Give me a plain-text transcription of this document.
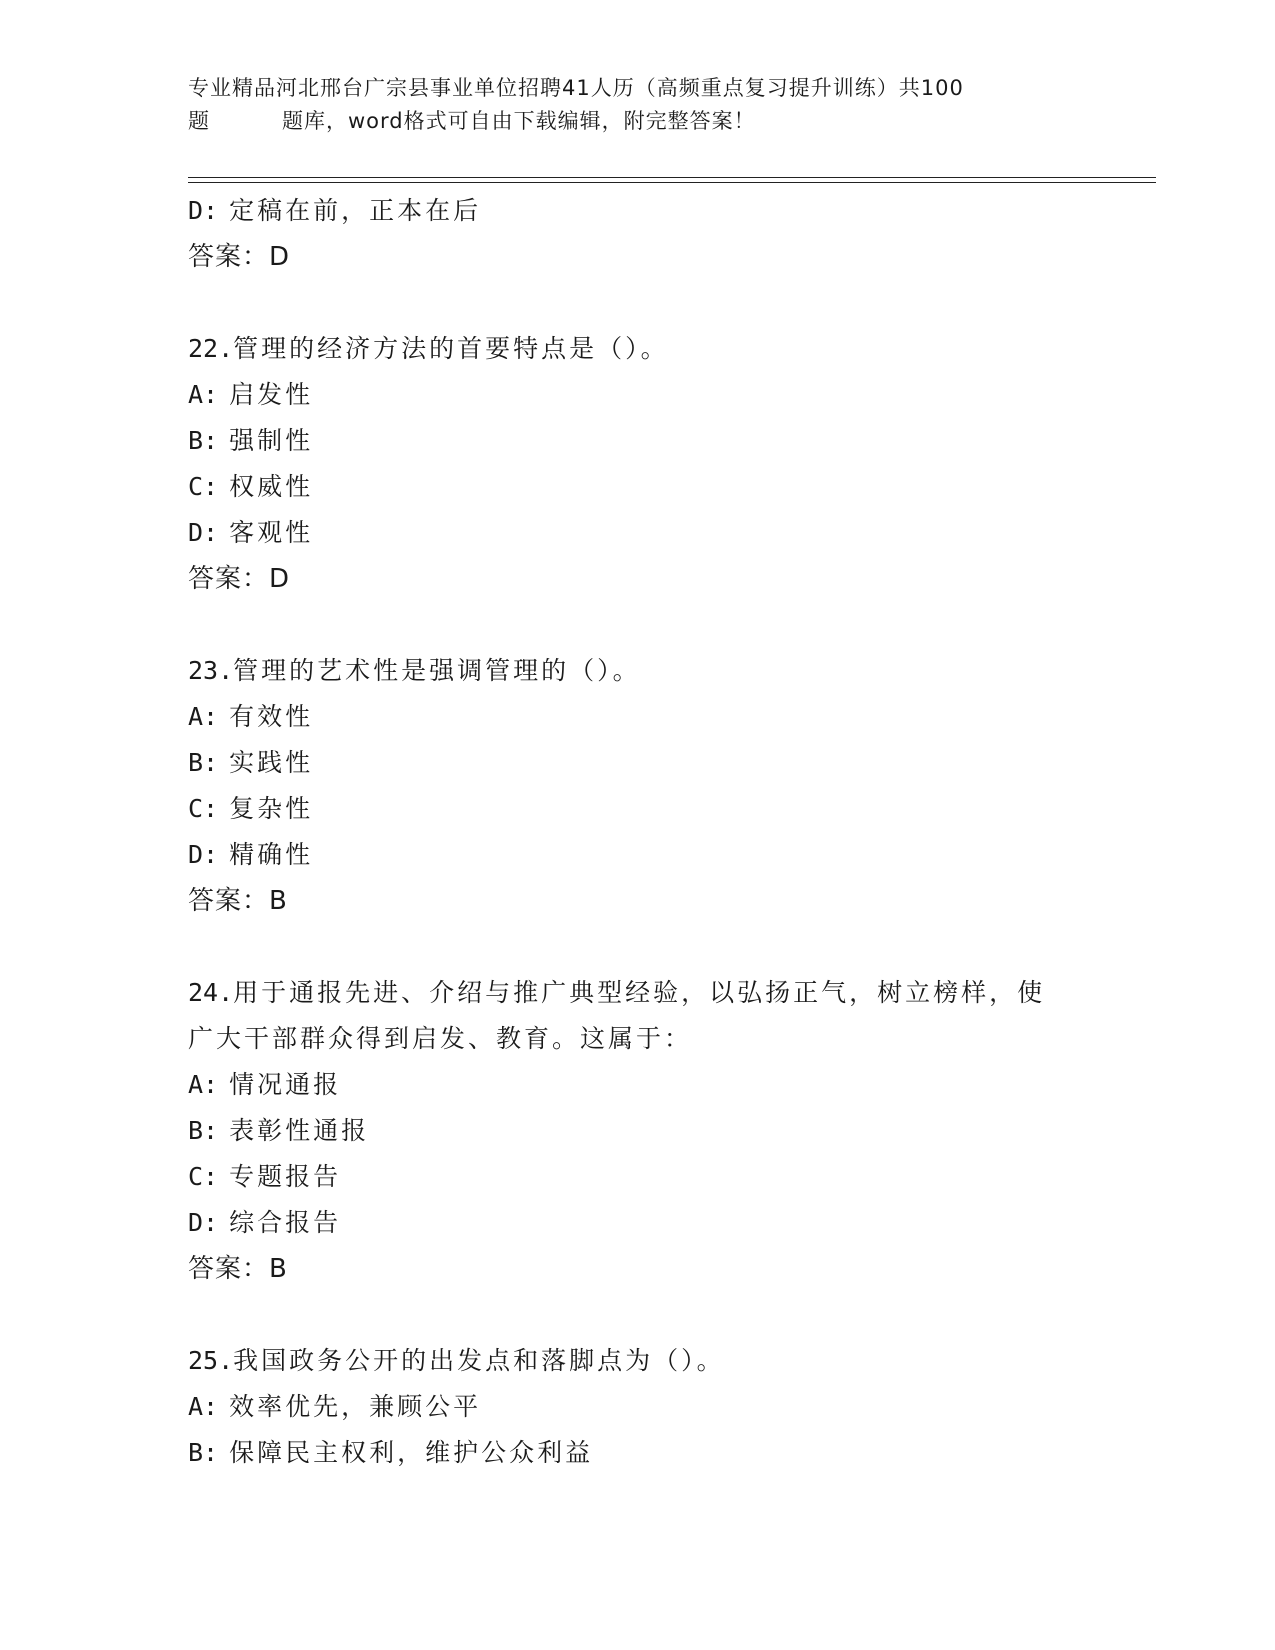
专业精品河北邢台广宗县事业单位招聘41人历（高频重点复习提升训练）共100
题	题库，word格式可自由下载编辑，附完整答案！
D: 定稿在前，正本在后
答案：D
22.管理的经济方法的首要特点是（）。
A: 启发性
B: 强制性
C: 权威性
D: 客观性
答案：D
23.管理的艺术性是强调管理的（）。
A: 有效性
B: 实践性
C: 复杂性
D: 精确性
答案：B
24.用于通报先进、介绍与推广典型经验，以弘扬正气，树立榜样，使
广大干部群众得到启发、教育。这属于：
A: 情况通报
B: 表彰性通报
C: 专题报告
D: 综合报告
答案：B
25.我国政务公开的出发点和落脚点为（）。
A: 效率优先，兼顾公平
B: 保障民主权利，维护公众利益
